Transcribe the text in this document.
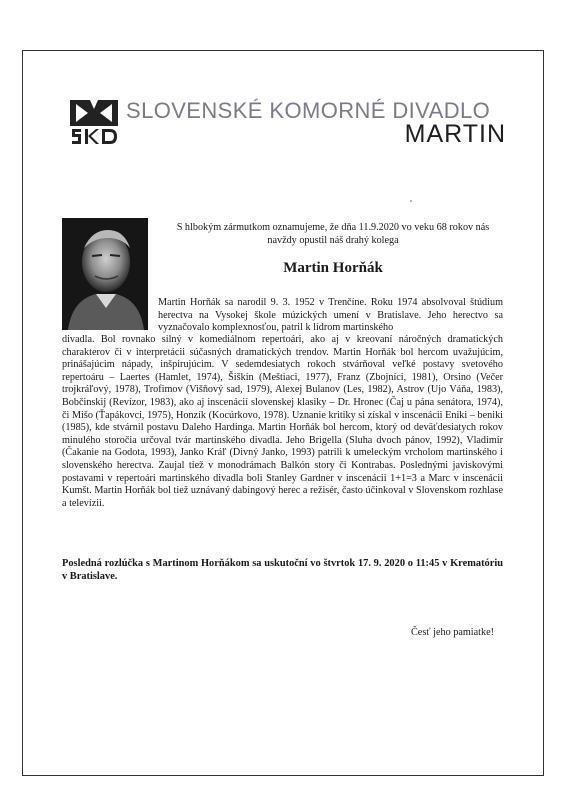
SLOVENSKÉ KOMORNÉ DIVADLO
MARTIN
S hlbokým zármutkom oznamujeme, že dňa 11.9.2020 vo veku 68 rokov nás navždy opustil náš drahý kolega
Martin Horňák
Martin Horňák sa narodil 9. 3. 1952 v Trenčíne. Roku 1974 absolvoval štúdium herectva na Vysokej škole múzických umení v Bratislave. Jeho herectvo sa vyznačovalo komplexnosťou, patril k lídrom martinského
divadla. Bol rovnako silný v komediálnom repertoári, ako aj v kreovaní náročných dramatických charakterov či v interpretácii súčasných dramatických trendov. Martin Horňák bol hercom uvažujúcim, prinášajúcim nápady, inšpirujúcim. V sedemdesiatych rokoch stvárňoval veľké postavy svetového repertoáru – Laertes (Hamlet, 1974), Šiškin (Meštiaci, 1977), Franz (Zbojníci, 1981), Orsino (Večer trojkráľový, 1978), Trofimov (Višňový sad, 1979), Alexej Bulanov (Les, 1982), Astrov (Ujo Váňa, 1983), Bobčinskij (Revízor, 1983), ako aj inscenácií slovenskej klasiky – Dr. Hronec (Čaj u pána senátora, 1974), či Mišo (Ťapákovci, 1975), Honzík (Kocúrkovo, 1978). Uznanie kritiky si získal v inscenácii Eniki – beniki (1985), kde stvárnil postavu Daleho Hardinga. Martin Horňák bol hercom, ktorý od deväťdesiatych rokov minulého storočia určoval tvár martinského divadla. Jeho Brigella (Sluha dvoch pánov, 1992), Vladimír (Čakanie na Godota, 1993), Janko Kráľ (Divný Janko, 1993) patrili k umeleckým vrcholom martinského i slovenského herectva. Zaujal tiež v monodrámach Balkón story či Kontrabas. Poslednými javiskovými postavami v repertoári martinského divadla boli Stanley Gardner v inscenácii 1+1=3 a Marc v inscenácii Kumšt. Martin Horňák bol tiež uznávaný dabingový herec a režisér, často účinkoval v Slovenskom rozhlase a televízii.
Posledná rozlúčka s Martinom Horňákom sa uskutoční vo štvrtok 17. 9. 2020 o 11:45 v Krematóriu v Bratislave.
Česť jeho pamiatke!
